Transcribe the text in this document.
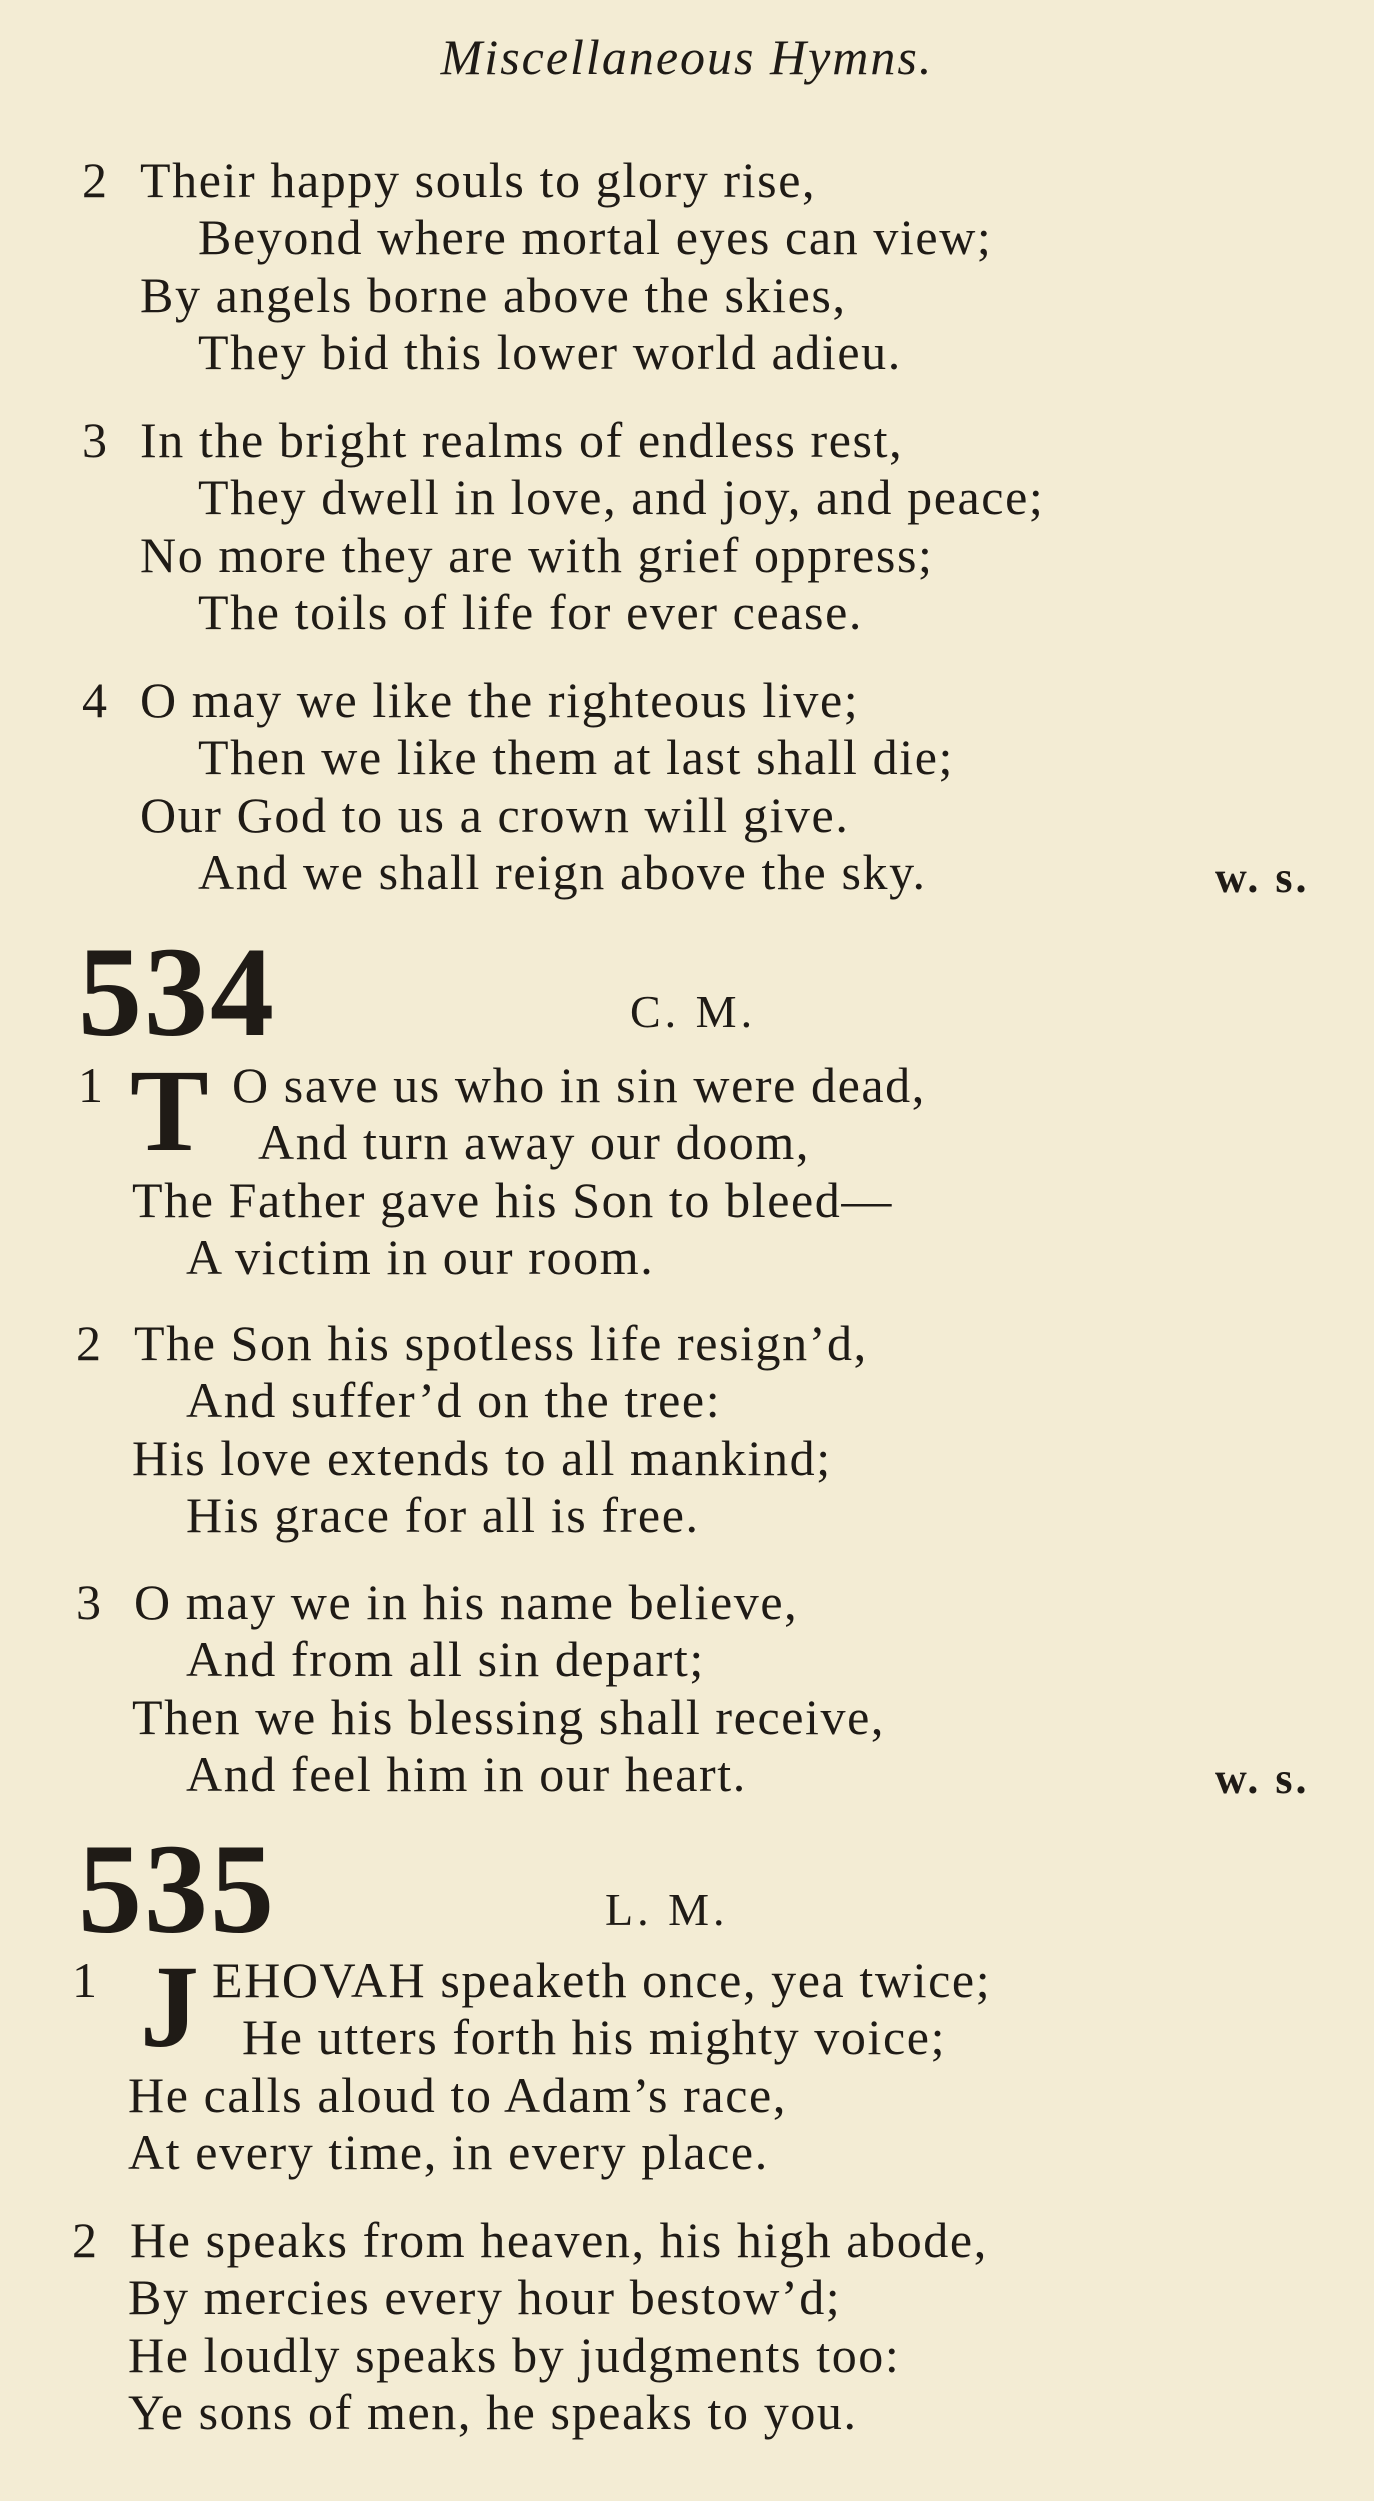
Miscellaneous Hymns.
2 Their happy souls to glory rise,
Beyond where mortal eyes can view;
By angels borne above the skies,
They bid this lower world adieu.
3 In the bright realms of endless rest,
They dwell in love, and joy, and peace;
No more they are with grief oppress;
The toils of life for ever cease.
4 O may we like the righteous live;
Then we like them at last shall die;
Our God to us a crown will give.
And we shall reign above the sky.	w. s.
534	C. M.
1 T O save us who in sin were dead,
And turn away our doom,
The Father gave his Son to bleed—
A victim in our room.
2 The Son his spotless life resign’d,
And suffer’d on the tree:
His love extends to all mankind;
His grace for all is free.
3 O may we in his name believe,
And from all sin depart;
Then we his blessing shall receive,
And feel him in our heart.	w. s.
535	L. M.
1 J EHOVAH speaketh once, yea twice;
He utters forth his mighty voice;
He calls aloud to Adam’s race,
At every time, in every place.
2 He speaks from heaven, his high abode,
By mercies every hour bestow’d;
He loudly speaks by judgments too:
Ye sons of men, he speaks to you.
